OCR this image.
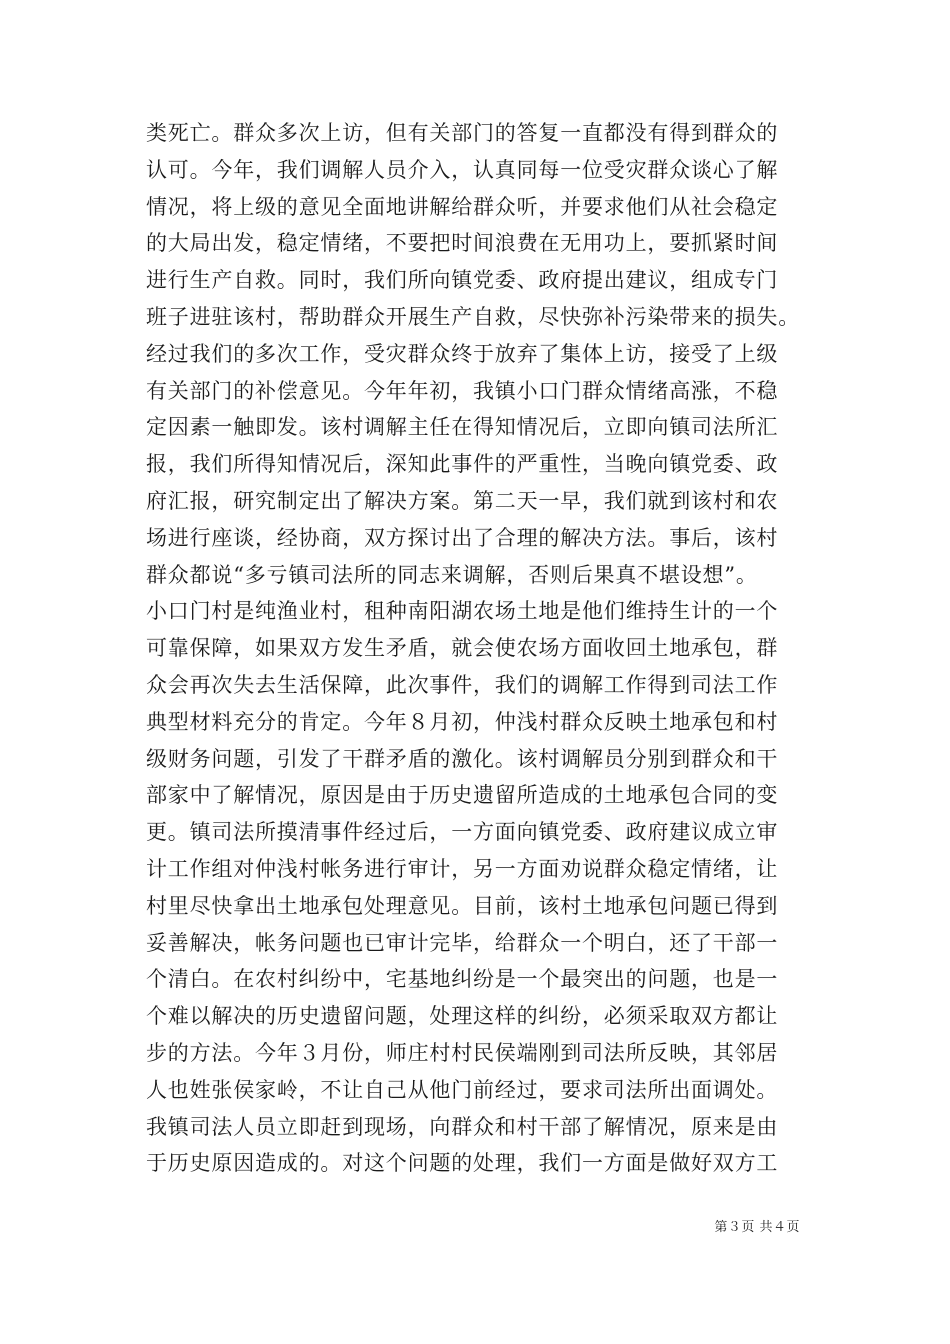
类死亡。群众多次上访，但有关部门的答复一直都没有得到群众的
认可。今年，我们调解人员介入，认真同每一位受灾群众谈心了解
情况，将上级的意见全面地讲解给群众听，并要求他们从社会稳定
的大局出发，稳定情绪，不要把时间浪费在无用功上，要抓紧时间
进行生产自救。同时，我们所向镇党委、政府提出建议，组成专门
班子进驻该村，帮助群众开展生产自救，尽快弥补污染带来的损失。
经过我们的多次工作，受灾群众终于放弃了集体上访，接受了上级
有关部门的补偿意见。今年年初，我镇小口门群众情绪高涨，不稳
定因素一触即发。该村调解主任在得知情况后，立即向镇司法所汇
报，我们所得知情况后，深知此事件的严重性，当晚向镇党委、政
府汇报，研究制定出了解决方案。第二天一早，我们就到该村和农
场进行座谈，经协商，双方探讨出了合理的解决方法。事后，该村
群众都说“多亏镇司法所的同志来调解，否则后果真不堪设想”。
小口门村是纯渔业村，租种南阳湖农场土地是他们维持生计的一个
可靠保障，如果双方发生矛盾，就会使农场方面收回土地承包，群
众会再次失去生活保障，此次事件，我们的调解工作得到司法工作
典型材料充分的肯定。今年８月初，仲浅村群众反映土地承包和村
级财务问题，引发了干群矛盾的激化。该村调解员分别到群众和干
部家中了解情况，原因是由于历史遗留所造成的土地承包合同的变
更。镇司法所摸清事件经过后，一方面向镇党委、政府建议成立审
计工作组对仲浅村帐务进行审计，另一方面劝说群众稳定情绪，让
村里尽快拿出土地承包处理意见。目前，该村土地承包问题已得到
妥善解决，帐务问题也已审计完毕，给群众一个明白，还了干部一
个清白。在农村纠纷中，宅基地纠纷是一个最突出的问题，也是一
个难以解决的历史遗留问题，处理这样的纠纷，必须采取双方都让
步的方法。今年３月份，师庄村村民侯端刚到司法所反映，其邻居
人也姓张侯家岭，不让自己从他门前经过，要求司法所出面调处。
我镇司法人员立即赶到现场，向群众和村干部了解情况，原来是由
于历史原因造成的。对这个问题的处理，我们一方面是做好双方工
第３页 共４页
